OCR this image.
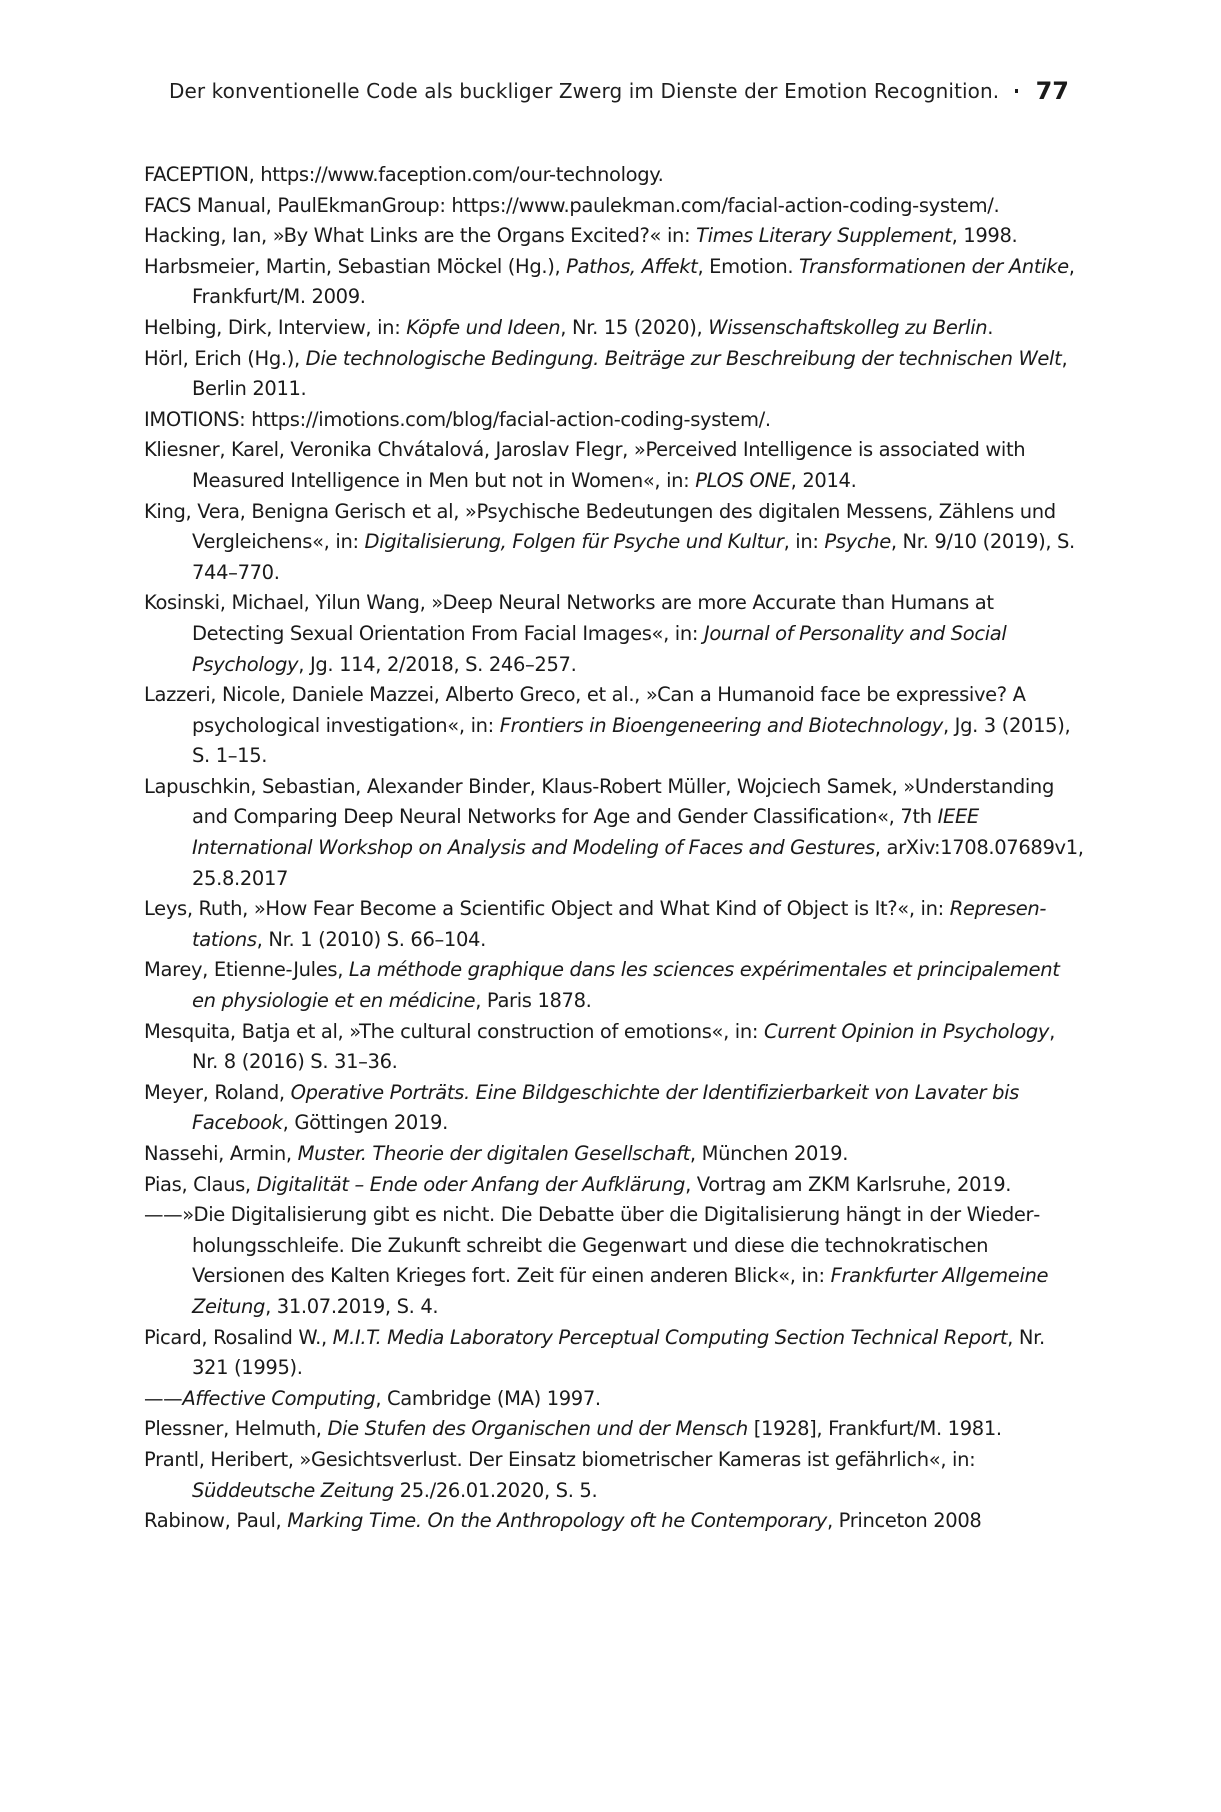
Der konventionelle Code als buckliger Zwerg im Dienste der Emotion Recognition. 77

FACEPTION, https://www.faception.com/our-technology.

FACS Manual, PaulEkmanGroup: https://www.paulekman.com/facial-action-coding-system/.

Hacking, Ian, »By What Links are the Organs Excited?« in: Times Literary Supplement, 1998.

Harbsmeier, Martin, Sebastian Möckel (Hg.), Pathos, Affekt, Emotion. Transformationen der Antike, Frankfurt/M. 2009.

Helbing, Dirk, Interview, in: Köpfe und Ideen, Nr. 15 (2020), Wissenschaftskolleg zu Berlin.

Hörl, Erich (Hg.), Die technologische Bedingung. Beiträge zur Beschreibung der technischen Welt, Berlin 2011.

IMOTIONS: https://imotions.com/blog/facial-action-coding-system/.

Kliesner, Karel, Veronika Chvátalová, Jaroslav Flegr, »Perceived Intelligence is associated with Measured Intelligence in Men but not in Women«, in: PLOS ONE, 2014.

King, Vera, Benigna Gerisch et al, »Psychische Bedeutungen des digitalen Messens, Zählens und Vergleichens«, in: Digitalisierung, Folgen für Psyche und Kultur, in: Psyche, Nr. 9/10 (2019), S. 744–770.

Kosinski, Michael, Yilun Wang, »Deep Neural Networks are more Accurate than Humans at Detecting Sexual Orientation From Facial Images«, in: Journal of Personality and Social Psychology, Jg. 114, 2/2018, S. 246–257.

Lazzeri, Nicole, Daniele Mazzei, Alberto Greco, et al., »Can a Humanoid face be expressive? A psychological investigation«, in: Frontiers in Bioengeneering and Biotechnology, Jg. 3 (2015), S. 1–15.

Lapuschkin, Sebastian, Alexander Binder, Klaus-Robert Müller, Wojciech Samek, »Understanding and Comparing Deep Neural Networks for Age and Gender Classification«, 7th IEEE International Workshop on Analysis and Modeling of Faces and Gestures, arXiv:1708.07689v1, 25.8.2017

Leys, Ruth, »How Fear Become a Scientific Object and What Kind of Object is It?«, in: Representations, Nr. 1 (2010) S. 66–104.

Marey, Etienne-Jules, La méthode graphique dans les sciences expérimentales et principalement en physiologie et en médicine, Paris 1878.

Mesquita, Batja et al, »The cultural construction of emotions«, in: Current Opinion in Psychology, Nr. 8 (2016) S. 31–36.

Meyer, Roland, Operative Porträts. Eine Bildgeschichte der Identifizierbarkeit von Lavater bis Facebook, Göttingen 2019.

Nassehi, Armin, Muster. Theorie der digitalen Gesellschaft, München 2019.

Pias, Claus, Digitalität – Ende oder Anfang der Aufklärung, Vortrag am ZKM Karlsruhe, 2019.

——»Die Digitalisierung gibt es nicht. Die Debatte über die Digitalisierung hängt in der Wiederholungsschleife. Die Zukunft schreibt die Gegenwart und diese die technokratischen Versionen des Kalten Krieges fort. Zeit für einen anderen Blick«, in: Frankfurter Allgemeine Zeitung, 31.07.2019, S. 4.

Picard, Rosalind W., M.I.T. Media Laboratory Perceptual Computing Section Technical Report, Nr. 321 (1995).

——Affective Computing, Cambridge (MA) 1997.

Plessner, Helmuth, Die Stufen des Organischen und der Mensch [1928], Frankfurt/M. 1981.

Prantl, Heribert, »Gesichtsverlust. Der Einsatz biometrischer Kameras ist gefährlich«, in: Süddeutsche Zeitung 25./26.01.2020, S. 5.

Rabinow, Paul, Marking Time. On the Anthropology oft he Contemporary, Princeton 2008
